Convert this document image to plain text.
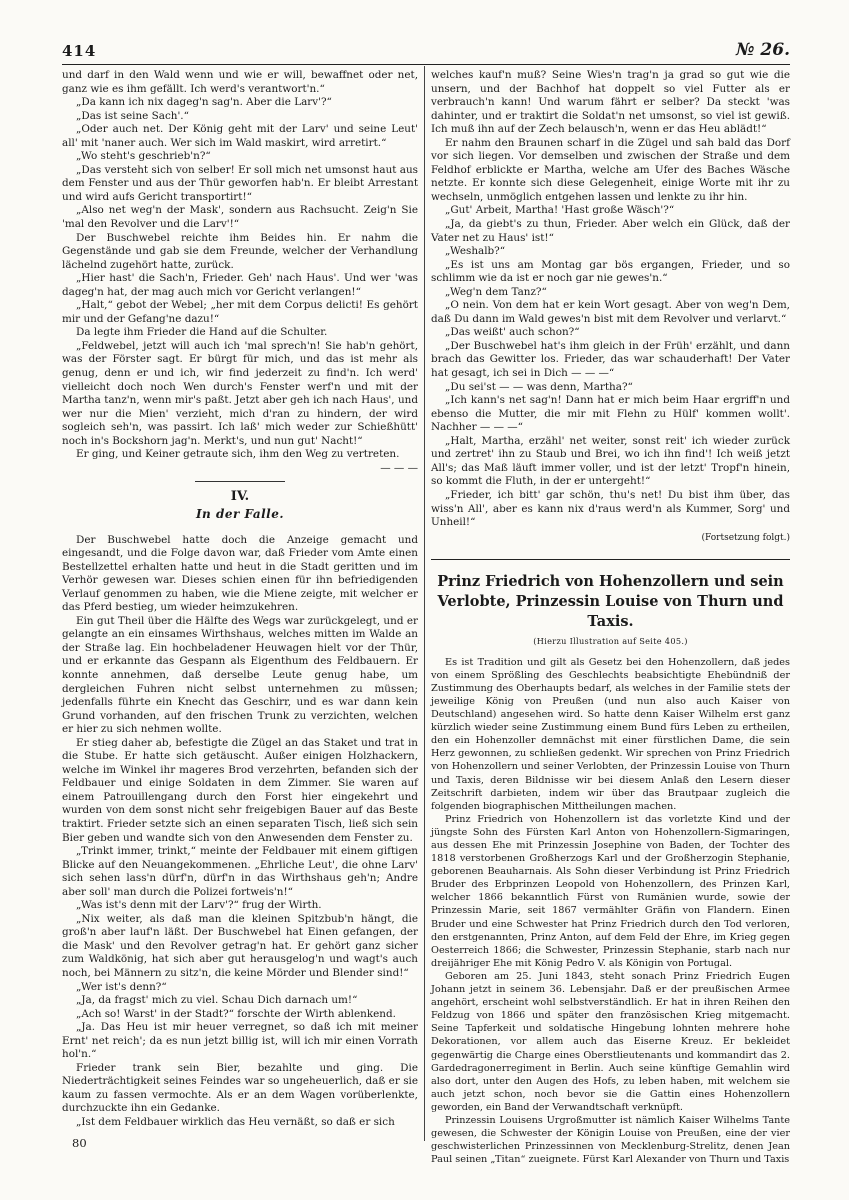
414	№ 26.

und darf in den Wald wenn und wie er will, bewaffnet oder net, ganz wie es ihm gefällt. Ich werd's verantwort'n.“

„Da kann ich nix dageg'n sag'n. Aber die Larv'?“

„Das ist seine Sach'.“

„Oder auch net. Der König geht mit der Larv' und seine Leut' all' mit 'naner auch. Wer sich im Wald maskirt, wird arretirt.“

„Wo steht's geschrieb'n?“

„Das versteht sich von selber! Er soll mich net umsonst haut aus dem Fenster und aus der Thür geworfen hab'n. Er bleibt Arrestant und wird aufs Gericht transportirt!“

„Also net weg'n der Mask', sondern aus Rachsucht. Zeig'n Sie 'mal den Revolver und die Larv'!“

Der Buschwebel reichte ihm Beides hin. Er nahm die Gegenstände und gab sie dem Freunde, welcher der Verhandlung lächelnd zugehört hatte, zurück.

„Hier hast' die Sach'n, Frieder. Geh' nach Haus'. Und wer 'was dageg'n hat, der mag auch mich vor Gericht verlangen!“

„Halt,“ gebot der Webel; „her mit dem Corpus delicti! Es gehört mir und der Gefang'ne dazu!“

Da legte ihm Frieder die Hand auf die Schulter.

„Feldwebel, jetzt will auch ich 'mal sprech'n! Sie hab'n gehört, was der Förster sagt. Er bürgt für mich, und das ist mehr als genug, denn er und ich, wir find jederzeit zu find'n. Ich werd' vielleicht doch noch Wen durch's Fenster werf'n und mit der Martha tanz'n, wenn mir's paßt. Jetzt aber geh ich nach Haus', und wer nur die Mien' verzieht, mich d'ran zu hindern, der wird sogleich seh'n, was passirt. Ich laß' mich weder zur Schießhütt' noch in's Bockshorn jag'n. Merkt's, und nun gut' Nacht!“

Er ging, und Keiner getraute sich, ihm den Weg zu vertreten.

— — —
IV.
In der Falle.

Der Buschwebel hatte doch die Anzeige gemacht und eingesandt, und die Folge davon war, daß Frieder vom Amte einen Bestellzettel erhalten hatte und heut in die Stadt geritten und im Verhör gewesen war. Dieses schien einen für ihn befriedigenden Verlauf genommen zu haben, wie die Miene zeigte, mit welcher er das Pferd bestieg, um wieder heimzukehren.

Ein gut Theil über die Hälfte des Wegs war zurückgelegt, und er gelangte an ein einsames Wirthshaus, welches mitten im Walde an der Straße lag. Ein hochbeladener Heuwagen hielt vor der Thür, und er erkannte das Gespann als Eigenthum des Feldbauern. Er konnte annehmen, daß derselbe Leute genug habe, um dergleichen Fuhren nicht selbst unternehmen zu müssen; jedenfalls führte ein Knecht das Geschirr, und es war dann kein Grund vorhanden, auf den frischen Trunk zu verzichten, welchen er hier zu sich nehmen wollte.

Er stieg daher ab, befestigte die Zügel an das Staket und trat in die Stube. Er hatte sich getäuscht. Außer einigen Holzhackern, welche im Winkel ihr mageres Brod verzehrten, befanden sich der Feldbauer und einige Soldaten in dem Zimmer. Sie waren auf einem Patrouillengang durch den Forst hier eingekehrt und wurden von dem sonst nicht sehr freigebigen Bauer auf das Beste traktirt. Frieder setzte sich an einen separaten Tisch, ließ sich sein Bier geben und wandte sich von den Anwesenden dem Fenster zu.

„Trinkt immer, trinkt,“ meinte der Feldbauer mit einem giftigen Blicke auf den Neuangekommenen. „Ehrliche Leut', die ohne Larv' sich sehen lass'n dürf'n, dürf'n in das Wirthshaus geh'n; Andre aber soll' man durch die Polizei fortweis'n!“

„Was ist's denn mit der Larv'?“ frug der Wirth.

„Nix weiter, als daß man die kleinen Spitzbub'n hängt, die groß'n aber lauf'n läßt. Der Buschwebel hat Einen gefangen, der die Mask' und den Revolver getrag'n hat. Er gehört ganz sicher zum Waldkönig, hat sich aber gut herausgelog'n und wagt's auch noch, bei Männern zu sitz'n, die keine Mörder und Blender sind!“

„Wer ist's denn?“

„Ja, da fragst' mich zu viel. Schau Dich darnach um!“

„Ach so! Warst' in der Stadt?“ forschte der Wirth ablenkend.

„Ja. Das Heu ist mir heuer verregnet, so daß ich mit meiner Ernt' net reich'; da es nun jetzt billig ist, will ich mir einen Vorrath hol'n.“

Frieder trank sein Bier, bezahlte und ging. Die Niederträchtigkeit seines Feindes war so ungeheuerlich, daß er sie kaum zu fassen vermochte. Als er an dem Wagen vorüberlenkte, durchzuckte ihn ein Gedanke.

„Ist dem Feldbauer wirklich das Heu vernäßt, so daß er sich

welches kauf'n muß? Seine Wies'n trag'n ja grad so gut wie die unsern, und der Bachhof hat doppelt so viel Futter als er verbrauch'n kann! Und warum fährt er selber? Da steckt 'was dahinter, und er traktirt die Soldat'n net umsonst, so viel ist gewiß. Ich muß ihn auf der Zech belausch'n, wenn er das Heu ablädt!“

Er nahm den Braunen scharf in die Zügel und sah bald das Dorf vor sich liegen. Vor demselben und zwischen der Straße und dem Feldhof erblickte er Martha, welche am Ufer des Baches Wäsche netzte. Er konnte sich diese Gelegenheit, einige Worte mit ihr zu wechseln, unmöglich entgehen lassen und lenkte zu ihr hin.

„Gut' Arbeit, Martha! 'Hast große Wäsch'?“

„Ja, da giebt's zu thun, Frieder. Aber welch ein Glück, daß der Vater net zu Haus' ist!“

„Weshalb?“

„Es ist uns am Montag gar bös ergangen, Frieder, und so schlimm wie da ist er noch gar nie gewes'n.“

„Weg'n dem Tanz?“

„O nein. Von dem hat er kein Wort gesagt. Aber von weg'n Dem, daß Du dann im Wald gewes'n bist mit dem Revolver und verlarvt.“

„Das weißt' auch schon?“

„Der Buschwebel hat's ihm gleich in der Früh' erzählt, und dann brach das Gewitter los. Frieder, das war schauderhaft! Der Vater hat gesagt, ich sei in Dich — — —“

„Du sei'st — — was denn, Martha?“

„Ich kann's net sag'n! Dann hat er mich beim Haar ergriff'n und ebenso die Mutter, die mir mit Flehn zu Hülf' kommen wollt'. Nachher — — —“

„Halt, Martha, erzähl' net weiter, sonst reit' ich wieder zurück und zertret' ihn zu Staub und Brei, wo ich ihn find'! Ich weiß jetzt All's; das Maß läuft immer voller, und ist der letzt' Tropf'n hinein, so kommt die Fluth, in der er untergeht!“

„Frieder, ich bitt' gar schön, thu's net! Du bist ihm über, das wiss'n All', aber es kann nix d'raus werd'n als Kummer, Sorg' und Unheil!“

(Fortsetzung folgt.)
Prinz Friedrich von Hohenzollern und sein Verlobte, Prinzessin Louise von Thurn und Taxis.
(Hierzu Illustration auf Seite 405.)

Es ist Tradition und gilt als Gesetz bei den Hohenzollern, daß jedes von einem Sprößling des Geschlechts beabsichtigte Ehebündniß der Zustimmung des Oberhaupts bedarf, als welches in der Familie stets der jeweilige König von Preußen (und nun also auch Kaiser von Deutschland) angesehen wird. So hatte denn Kaiser Wilhelm erst ganz kürzlich wieder seine Zustimmung einem Bund fürs Leben zu ertheilen, den ein Hohenzoller demnächst mit einer fürstlichen Dame, die sein Herz gewonnen, zu schließen gedenkt. Wir sprechen von Prinz Friedrich von Hohenzollern und seiner Verlobten, der Prinzessin Louise von Thurn und Taxis, deren Bildnisse wir bei diesem Anlaß den Lesern dieser Zeitschrift darbieten, indem wir über das Brautpaar zugleich die folgenden biographischen Mittheilungen machen.

Prinz Friedrich von Hohenzollern ist das vorletzte Kind und der jüngste Sohn des Fürsten Karl Anton von Hohenzollern-Sigmaringen, aus dessen Ehe mit Prinzessin Josephine von Baden, der Tochter des 1818 verstorbenen Großherzogs Karl und der Großherzogin Stephanie, geborenen Beauharnais. Als Sohn dieser Verbindung ist Prinz Friedrich Bruder des Erbprinzen Leopold von Hohenzollern, des Prinzen Karl, welcher 1866 bekanntlich Fürst von Rumänien wurde, sowie der Prinzessin Marie, seit 1867 vermählter Gräfin von Flandern. Einen Bruder und eine Schwester hat Prinz Friedrich durch den Tod verloren, den erstgenannten, Prinz Anton, auf dem Feld der Ehre, im Krieg gegen Oesterreich 1866; die Schwester, Prinzessin Stephanie, starb nach nur dreijähriger Ehe mit König Pedro V. als Königin von Portugal.

Geboren am 25. Juni 1843, steht sonach Prinz Friedrich Eugen Johann jetzt in seinem 36. Lebensjahr. Daß er der preußischen Armee angehört, erscheint wohl selbstverständlich. Er hat in ihren Reihen den Feldzug von 1866 und später den französischen Krieg mitgemacht. Seine Tapferkeit und soldatische Hingebung lohnten mehrere hohe Dekorationen, vor allem auch das Eiserne Kreuz. Er bekleidet gegenwärtig die Charge eines Oberstlieutenants und kommandirt das 2. Gardedragonerregiment in Berlin. Auch seine künftige Gemahlin wird also dort, unter den Augen des Hofs, zu leben haben, mit welchem sie auch jetzt schon, noch bevor sie die Gattin eines Hohenzollern geworden, ein Band der Verwandtschaft verknüpft.

Prinzessin Louisens Urgroßmutter ist nämlich Kaiser Wilhelms Tante gewesen, die Schwester der Königin Louise von Preußen, eine der vier geschwisterlichen Prinzessinnen von Mecklenburg-Strelitz, denen Jean Paul seinen „Titan“ zueignete. Fürst Karl Alexander von Thurn und Taxis

80
